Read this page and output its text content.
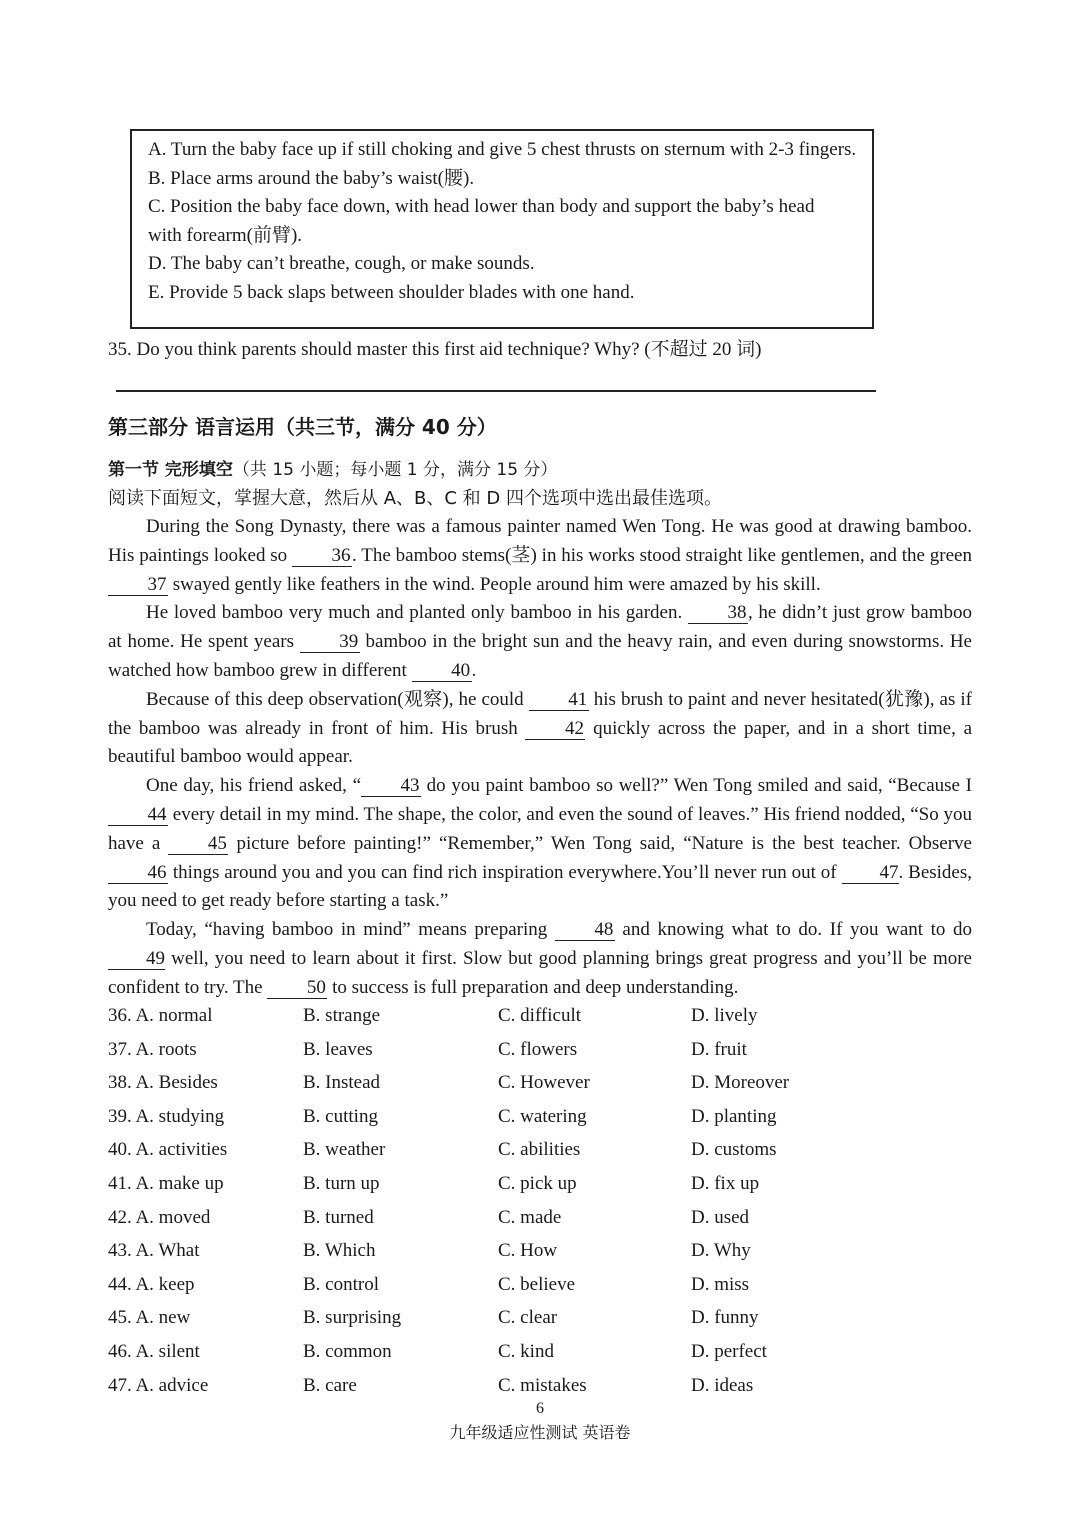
A. Turn the baby face up if still choking and give 5 chest thrusts on sternum with 2-3 fingers.
B. Place arms around the baby’s waist(腰).
C. Position the baby face down, with head lower than body and support the baby’s head
with forearm(前臂).
D. The baby can’t breathe, cough, or make sounds.
E. Provide 5 back slaps between shoulder blades with one hand.
35. Do you think parents should master this first aid technique? Why? (不超过 20 词)
第三部分 语言运用（共三节，满分 40 分）
第一节 完形填空（共 15 小题；每小题 1 分，满分 15 分）
阅读下面短文，掌握大意，然后从 A、B、C 和 D 四个选项中选出最佳选项。

During the Song Dynasty, there was a famous painter named Wen Tong. He was good at drawing bamboo. His paintings looked so 36. The bamboo stems(茎) in his works stood straight like gentlemen, and the green 37 swayed gently like feathers in the wind. People around him were amazed by his skill.

He loved bamboo very much and planted only bamboo in his garden. 38, he didn’t just grow bamboo at home. He spent years 39 bamboo in the bright sun and the heavy rain, and even during snowstorms. He watched how bamboo grew in different 40.

Because of this deep observation(观察), he could 41 his brush to paint and never hesitated(犹豫), as if the bamboo was already in front of him. His brush 42 quickly across the paper, and in a short time, a beautiful bamboo would appear.

One day, his friend asked, “ 43 do you paint bamboo so well?” Wen Tong smiled and said, “Because I 44 every detail in my mind. The shape, the color, and even the sound of leaves.” His friend nodded, “So you have a 45 picture before painting!” “Remember,” Wen Tong said, “Nature is the best teacher. Observe 46 things around you and you can find rich inspiration everywhere.You’ll never run out of 47. Besides, you need to get ready before starting a task.”

Today, “having bamboo in mind” means preparing 48 and knowing what to do. If you want to do 49 well, you need to learn about it first. Slow but good planning brings great progress and you’ll be more confident to try. The 50 to success is full preparation and deep understanding.

36. A. normal	B. strange	C. difficult	D. lively
37. A. roots	B. leaves	C. flowers	D. fruit
38. A. Besides	B. Instead	C. However	D. Moreover
39. A. studying	B. cutting	C. watering	D. planting
40. A. activities	B. weather	C. abilities	D. customs
41. A. make up	B. turn up	C. pick up	D. fix up
42. A. moved	B. turned	C. made	D. used
43. A. What	B. Which	C. How	D. Why
44. A. keep	B. control	C. believe	D. miss
45. A. new	B. surprising	C. clear	D. funny
46. A. silent	B. common	C. kind	D. perfect
47. A. advice	B. care	C. mistakes	D. ideas
6
九年级适应性测试 英语卷
